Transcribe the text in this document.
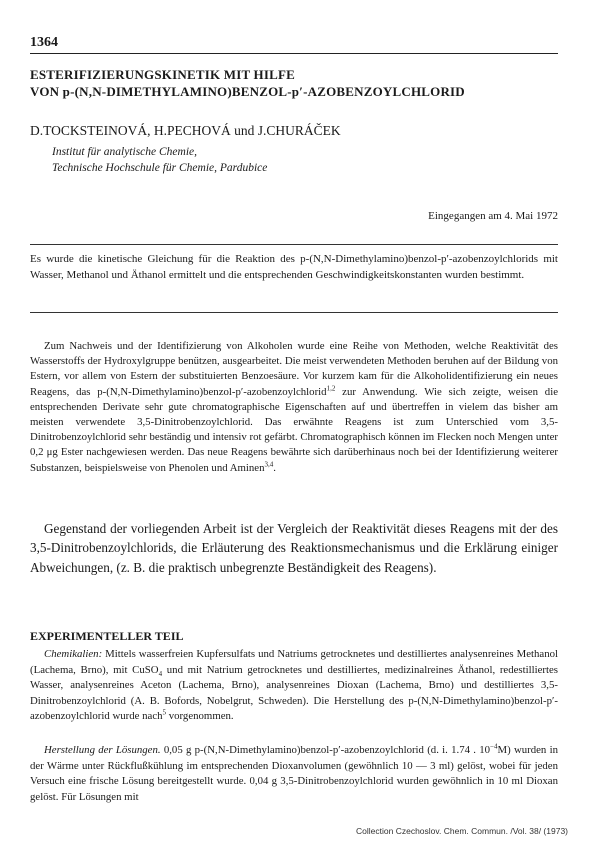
1364
ESTERIFIZIERUNGSKINETIK MIT HILFE
VON p-(N,N-DIMETHYLAMINO)BENZOL-p′-AZOBENZOYLCHLORID
D.TOCKSTEINOVÁ, H.PECHOVÁ und J.CHURÁČEK
Institut für analytische Chemie,
Technische Hochschule für Chemie, Pardubice
Eingegangen am 4. Mai 1972
Es wurde die kinetische Gleichung für die Reaktion des p-(N,N-Dimethylamino)benzol-p′-azobenzoylchlorids mit Wasser, Methanol und Äthanol ermittelt und die entsprechenden Geschwindigkeitskonstanten wurden bestimmt.

Zum Nachweis und der Identifizierung von Alkoholen wurde eine Reihe von Methoden, welche Reaktivität des Wasserstoffs der Hydroxylgruppe benützen, ausgearbeitet. Die meist verwendeten Methoden beruhen auf der Bildung von Estern, vor allem von Estern der substituierten Benzoesäure. Vor kurzem kam für die Alkoholidentifizierung ein neues Reagens, das p-(N,N-Dimethylamino)benzol-p′-azobenzoylchlorid$^{1,2}$ zur Anwendung. Wie sich zeigte, weisen die entsprechenden Derivate sehr gute chromatographische Eigenschaften auf und übertreffen in vielem das bisher am meisten verwendete 3,5-Dinitrobenzoylchlorid. Das erwähnte Reagens ist zum Unterschied vom 3,5-Dinitrobenzoylchlorid sehr beständig und intensiv rot gefärbt. Chromatographisch können im Flecken noch Mengen unter 0,2 μg Ester nachgewiesen werden. Das neue Reagens bewährte sich darüberhinaus noch bei der Identifizierung weiterer Substanzen, beispielsweise von Phenolen und Aminen$^{3,4}$.

Gegenstand der vorliegenden Arbeit ist der Vergleich der Reaktivität dieses Reagens mit der des 3,5-Dinitrobenzoylchlorids, die Erläuterung des Reaktionsmechanismus und die Erklärung einiger Abweichungen, (z. B. die praktisch unbegrenzte Beständigkeit des Reagens).

EXPERIMENTELLER TEIL

Chemikalien: Mittels wasserfreien Kupfersulfats und Natriums getrocknetes und destilliertes analysenreines Methanol (Lachema, Brno), mit CuSO$_4$ und mit Natrium getrocknetes und destilliertes, medizinalreines Äthanol, redestilliertes Wasser, analysenreines Aceton (Lachema, Brno), analysenreines Dioxan (Lachema, Brno) und destilliertes 3,5-Dinitrobenzoylchlorid (A. B. Bofords, Nobelgrut, Schweden). Die Herstellung des p-(N,N-Dimethylamino)benzol-p′-azobenzoylchlorid wurde nach$^5$ vorgenommen.

Herstellung der Lösungen. 0,05 g p-(N,N-Dimethylamino)benzol-p′-azobenzoylchlorid (d. i. 1.74 . $10^{-4}M$) wurden in der Wärme unter Rückflußkühlung im entsprechenden Dioxanvolumen (gewöhnlich 10 — 3 ml) gelöst, wobei für jeden Versuch eine frische Lösung bereitgestellt wurde. 0,04 g 3,5-Dinitrobenzoylchlorid wurden gewöhnlich in 10 ml Dioxan gelöst. Für Lösungen mit

Collection Czechoslov. Chem. Commun. /Vol. 38/ (1973)
